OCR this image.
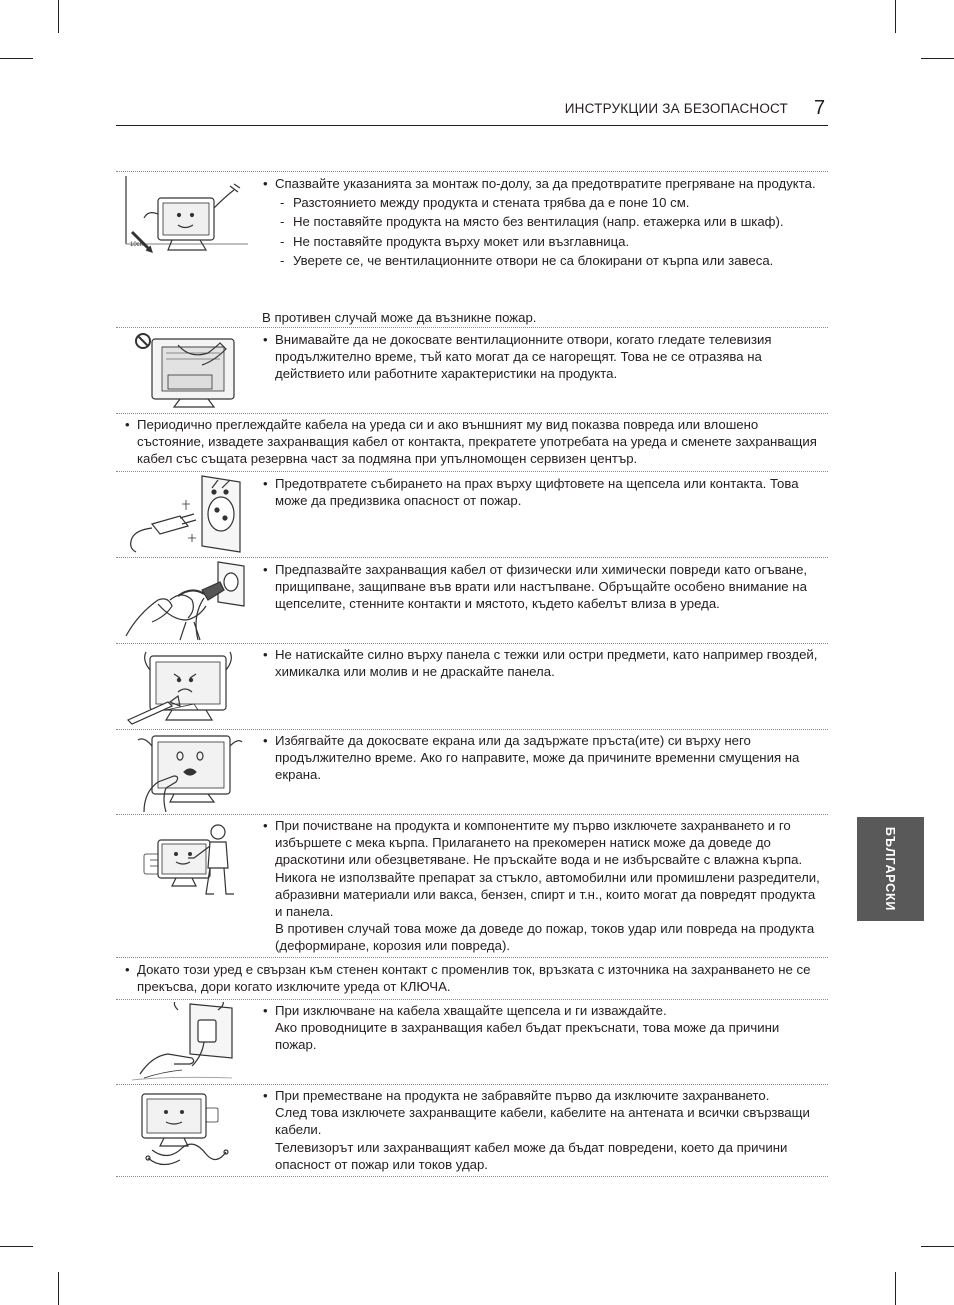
ИНСТРУКЦИИ ЗА БЕЗОПАСНОСТ 7
БЪЛГАРСКИ
10cm
• Спазвайте указанията за монтаж по-долу, за да предотвратите прегряване на продукта.
- Разстоянието между продукта и стената трябва да е поне 10 см.
- Не поставяйте продукта на място без вентилация (напр. етажерка или в шкаф).
- Не поставяйте продукта върху мокет или възглавница.
- Уверете се, че вентилационните отвори не са блокирани от кърпа или завеса.
В противен случай може да възникне пожар.
• Внимавайте да не докосвате вентилационните отвори, когато гледате телевизия продължително време, тъй като могат да се нагорещят. Това не се отразява на действието или работните характеристики на продукта.
• Периодично преглеждайте кабела на уреда си и ако външният му вид показва повреда или влошено състояние, извадете захранващия кабел от контакта, прекратете употребата на уреда и сменете захранващия кабел със същата резервна част за подмяна при упълномощен сервизен център.
• Предотвратете събирането на прах върху щифтовете на щепсела или контакта. Това може да предизвика опасност от пожар.
• Предпазвайте захранващия кабел от физически или химически повреди като огъване, прищипване, защипване във врати или настъпване. Обръщайте особено внимание на щепселите, стенните контакти и мястото, където кабелът влиза в уреда.
• Не натискайте силно върху панела с тежки или остри предмети, като например гвоздей, химикалка или молив и не драскайте панела.
• Избягвайте да докосвате екрана или да задържате пръста(ите) си върху него продължително време. Ако го направите, може да причините временни смущения на екрана.
• При почистване на продукта и компонентите му първо изключете захранването и го избършете с мека кърпа. Прилагането на прекомерен натиск може да доведе до драскотини или обезцветяване. Не пръскайте вода и не избърсвайте с влажна кърпа. Никога не използвайте препарат за стъкло, автомобилни или промишлени разредители, абразивни материали или вакса, бензен, спирт и т.н., които могат да повредят продукта и панела.
В противен случай това може да доведе до пожар, токов удар или повреда на продукта (деформиране, корозия или повреда).
• Докато този уред е свързан към стенен контакт с променлив ток, връзката с източника на захранването не се прекъсва, дори когато изключите уреда от КЛЮЧА.
• При изключване на кабела хващайте щепсела и ги изваждайте.
Ако проводниците в захранващия кабел бъдат прекъснати, това може да причини пожар.
• При преместване на продукта не забравяйте първо да изключите захранването.
След това изключете захранващите кабели, кабелите на антената и всички свързващи кабели.
Телевизорът или захранващият кабел може да бъдат повредени, което да причини опасност от пожар или токов удар.
